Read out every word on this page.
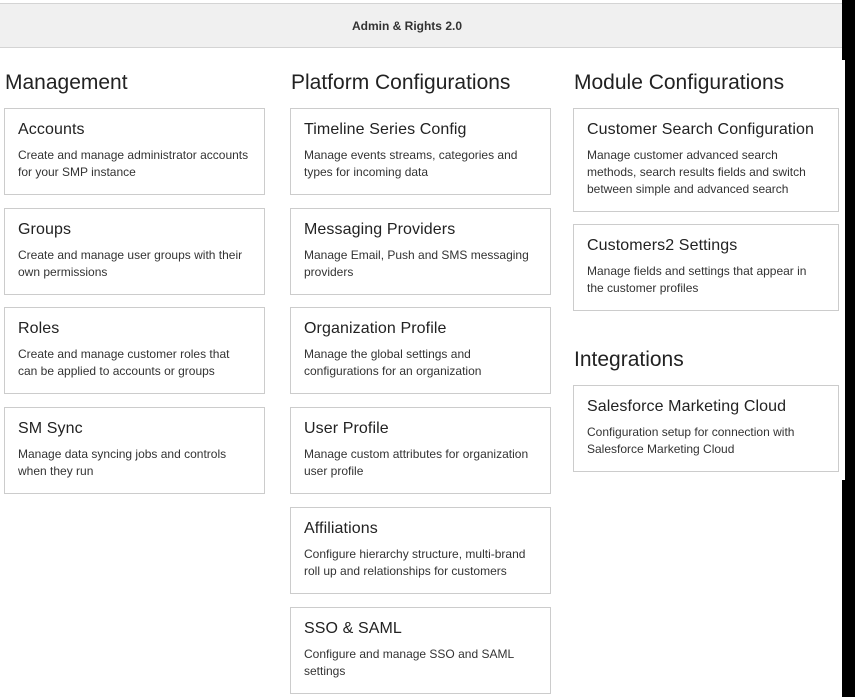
Admin & Rights 2.0
Management
Accounts

Create and manage administrator accounts for your SMP instance

Groups

Create and manage user groups with their own permissions

Roles

Create and manage customer roles that can be applied to accounts or groups

SM Sync

Manage data syncing jobs and controls when they run

Platform Configurations
Timeline Series Config

Manage events streams, categories and types for incoming data

Messaging Providers

Manage Email, Push and SMS messaging providers

Organization Profile

Manage the global settings and configurations for an organization

User Profile

Manage custom attributes for organization user profile

Affiliations

Configure hierarchy structure, multi-brand roll up and relationships for customers

SSO & SAML

Configure and manage SSO and SAML settings

Module Configurations
Customer Search Configuration

Manage customer advanced search methods, search results fields and switch between simple and advanced search

Customers2 Settings

Manage fields and settings that appear in the customer profiles

Integrations
Salesforce Marketing Cloud

Configuration setup for connection with Salesforce Marketing Cloud
